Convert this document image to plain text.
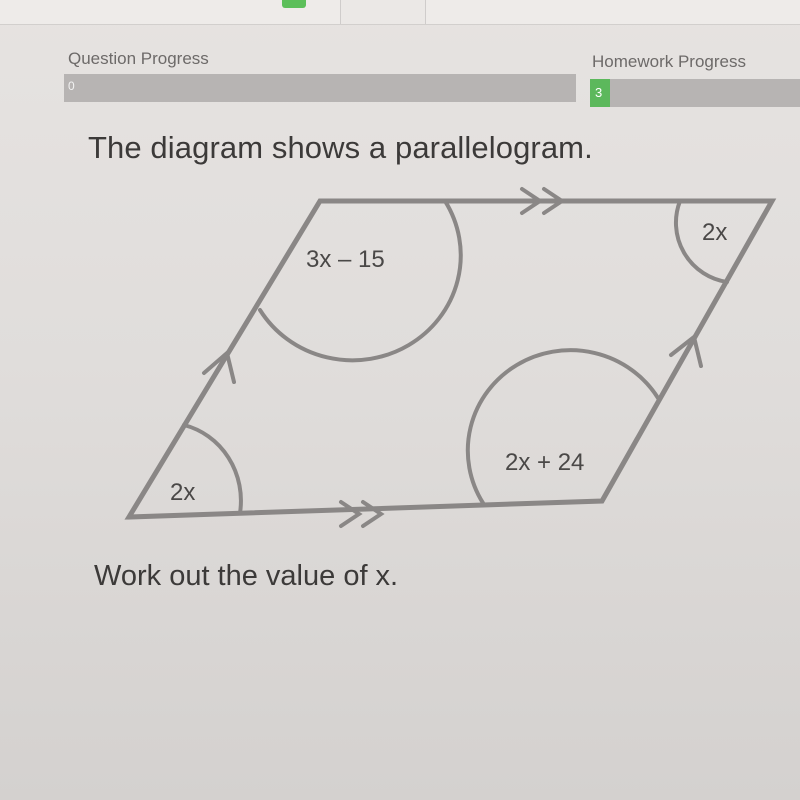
Question Progress
0
Homework Progress
3
The diagram shows a parallelogram.
3x – 15
2x
2x + 24
2x
Work out the value of x.
